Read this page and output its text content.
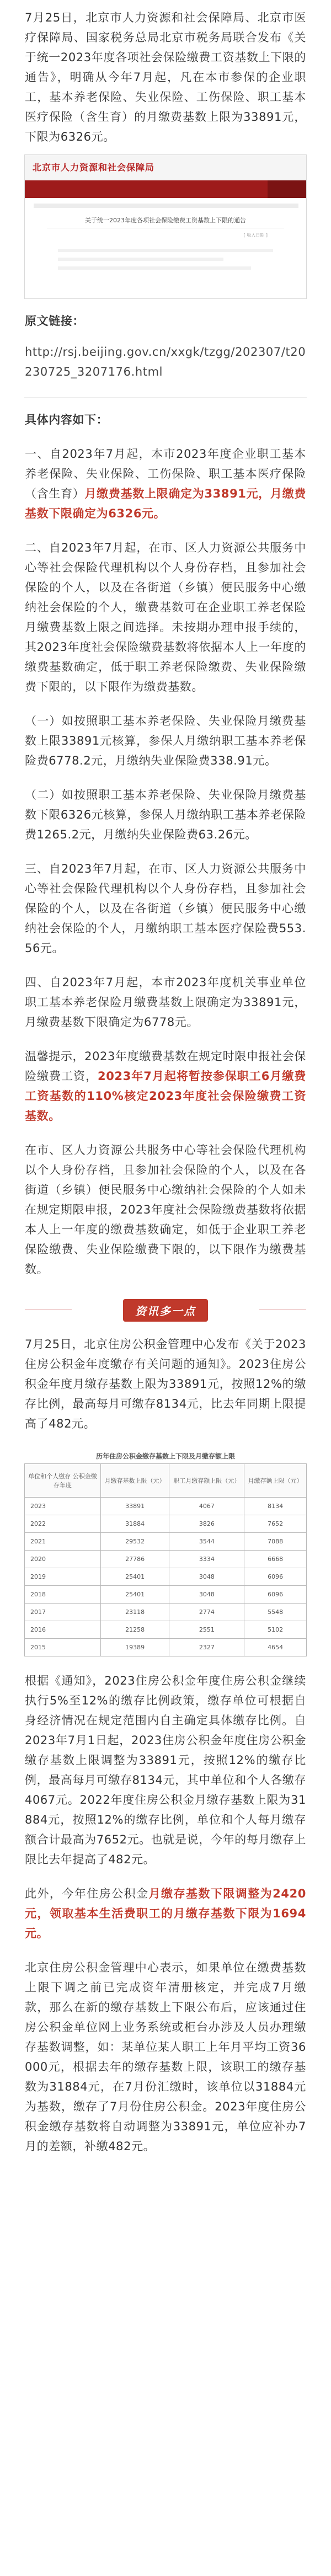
7月25日，北京市人力资源和社会保障局、北京市医疗保障局、国家税务总局北京市税务局联合发布《关于统一2023年度各项社会保险缴费工资基数上下限的通告》，明确从今年7月起，凡在本市参保的企业职工，基本养老保险、失业保险、工伤保险、职工基本医疗保险（含生育）的月缴费基数上限为33891元，下限为6326元。

北京市人力资源和社会保障局
关于统一2023年度各项社会保险缴费工资基数上下限的通告
[ 收入日期 ]

原文链接：

http://rsj.beijing.gov.cn/xxgk/tzgg/202307/t20230725_3207176.html

具体内容如下：

一、自2023年7月起，本市2023年度企业职工基本养老保险、失业保险、工伤保险、职工基本医疗保险（含生育）月缴费基数上限确定为33891元，月缴费基数下限确定为6326元。

二、自2023年7月起，在市、区人力资源公共服务中心等社会保险代理机构以个人身份存档，且参加社会保险的个人，以及在各街道（乡镇）便民服务中心缴纳社会保险的个人，缴费基数可在企业职工养老保险月缴费基数上限之间选择。未按期办理申报手续的，其2023年度社会保险缴费基数将依据本人上一年度的缴费基数确定，低于职工养老保险缴费、失业保险缴费下限的，以下限作为缴费基数。

（一）如按照职工基本养老保险、失业保险月缴费基数上限33891元核算，参保人月缴纳职工基本养老保险费6778.2元，月缴纳失业保险费338.91元。

（二）如按照职工基本养老保险、失业保险月缴费基数下限6326元核算，参保人月缴纳职工基本养老保险费1265.2元，月缴纳失业保险费63.26元。

三、自2023年7月起，在市、区人力资源公共服务中心等社会保险代理机构以个人身份存档，且参加社会保险的个人，以及在各街道（乡镇）便民服务中心缴纳社会保险的个人，月缴纳职工基本医疗保险费553.56元。

四、自2023年7月起，本市2023年度机关事业单位职工基本养老保险月缴费基数上限确定为33891元，月缴费基数下限确定为6778元。

温馨提示，2023年度缴费基数在规定时限申报社会保险缴费工资，2023年7月起将暂按参保职工6月缴费工资基数的110%核定2023年度社会保险缴费工资基数。

在市、区人力资源公共服务中心等社会保险代理机构以个人身份存档，且参加社会保险的个人，以及在各街道（乡镇）便民服务中心缴纳社会保险的个人如未在规定期限申报，2023年度社会保险缴费基数将依据本人上一年度的缴费基数确定，如低于企业职工养老保险缴费、失业保险缴费下限的，以下限作为缴费基数。

资讯多一点

7月25日，北京住房公积金管理中心发布《关于2023住房公积金年度缴存有关问题的通知》。2023住房公积金年度月缴存基数上限为33891元，按照12%的缴存比例，最高每月可缴存8134元，比去年同期上限提高了482元。

历年住房公积金缴存基数上下限及月缴存额上限
单位和个人缴存 公积金缴存年度	月缴存基数上限（元）	职工月缴存额上限（元）	月缴存额上限（元）
2023	33891	4067	8134
2022	31884	3826	7652
2021	29532	3544	7088
2020	27786	3334	6668
2019	25401	3048	6096
2018	25401	3048	6096
2017	23118	2774	5548
2016	21258	2551	5102
2015	19389	2327	4654

根据《通知》，2023住房公积金年度住房公积金继续执行5%至12%的缴存比例政策，缴存单位可根据自身经济情况在规定范围内自主确定具体缴存比例。自2023年7月1日起，2023住房公积金年度住房公积金缴存基数上限调整为33891元，按照12%的缴存比例，最高每月可缴存8134元，其中单位和个人各缴存4067元。2022年度住房公积金月缴存基数上限为31884元，按照12%的缴存比例，单位和个人每月缴存额合计最高为7652元。也就是说，今年的每月缴存上限比去年提高了482元。

此外，今年住房公积金月缴存基数下限调整为2420元，领取基本生活费职工的月缴存基数下限为1694元。

北京住房公积金管理中心表示，如果单位在缴费基数上限下调之前已完成资年清册核定，并完成7月缴款，那么在新的缴存基数上下限公布后，应该通过住房公积金单位网上业务系统或柜台办涉及人员办理缴存基数调整，如：某单位某人职工上年月平均工资36000元，根据去年的缴存基数上限，该职工的缴存基数为31884元，在7月份汇缴时，该单位以31884元为基数，缴存了7月份住房公积金。2023年度住房公积金缴存基数将自动调整为33891元，单位应补办7月的差额，补缴482元。
